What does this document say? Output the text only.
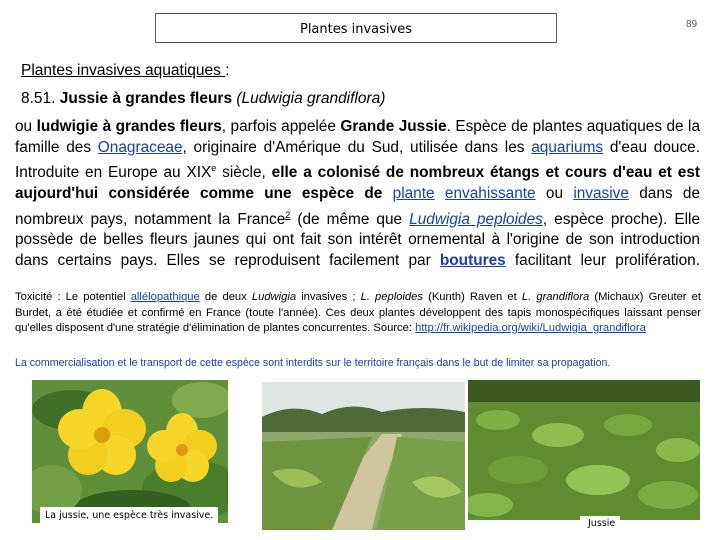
Plantes invasives	89
Plantes invasives aquatiques :
8.51. Jussie à grandes fleurs (Ludwigia grandiflora)
ou ludwigie à grandes fleurs, parfois appelée Grande Jussie. Espèce de plantes aquatiques de la famille des Onagraceae, originaire d'Amérique du Sud, utilisée dans les aquariums d'eau douce. Introduite en Europe au XIXe siècle, elle a colonisé de nombreux étangs et cours d'eau et est aujourd'hui considérée comme une espèce de plante envahissante ou invasive dans de nombreux pays, notamment la France$^2$ (de même que Ludwigia peploides, espèce proche). Elle possède de belles fleurs jaunes qui ont fait son intérêt ornemental à l'origine de son introduction dans certains pays. Elles se reproduisent facilement par boutures facilitant leur prolifération.
Toxicité : Le potentiel allélopathique de deux Ludwigia invasives ; L. peploides (Kunth) Raven et L. grandiflora (Michaux) Greuter et Burdet, a été étudiée et confirmé en France (toute l'année). Ces deux plantes développent des tapis monospécifiques laissant penser qu'elles disposent d'une stratégie d'élimination de plantes concurrentes. Source: http://fr.wikipedia.org/wiki/Ludwigia_grandiflora
La commercialisation et le transport de cette espèce sont interdits sur le territoire français dans le but de limiter sa propagation.
La jussie, une espèce très invasive.
Jussie
